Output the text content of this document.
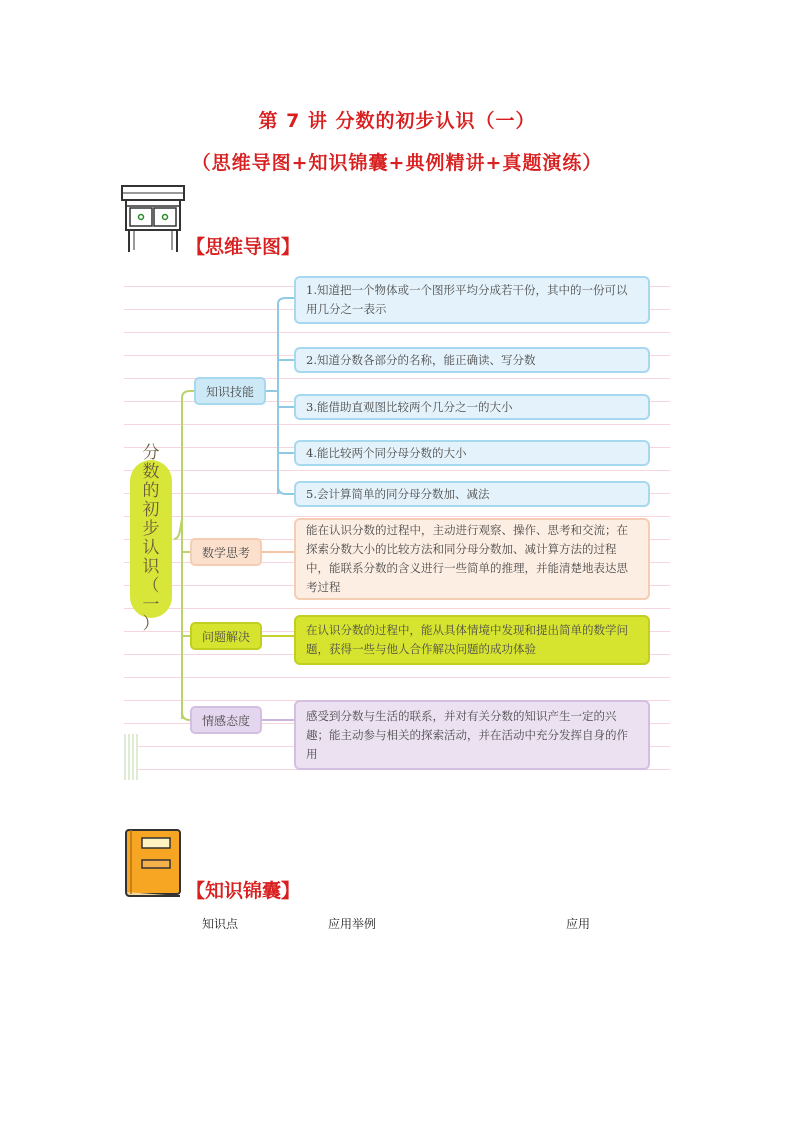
第 7 讲 分数的初步认识（一）
（思维导图+知识锦囊+典例精讲+真题演练）
【思维导图】
分
数
的
初
步
认
识
（
一
）
知识技能
数学思考
问题解决
情感态度
1.知道把一个物体或一个图形平均分成若干份，其中的一份可以用几分之一表示
2.知道分数各部分的名称，能正确读、写分数
3.能借助直观图比较两个几分之一的大小
4.能比较两个同分母分数的大小
5.会计算简单的同分母分数加、减法
能在认识分数的过程中，主动进行观察、操作、思考和交流；在探索分数大小的比较方法和同分母分数加、减计算方法的过程中，能联系分数的含义进行一些简单的推理，并能清楚地表达思考过程
在认识分数的过程中，能从具体情境中发现和提出简单的数学问题，获得一些与他人合作解决问题的成功体验
感受到分数与生活的联系，并对有关分数的知识产生一定的兴趣；能主动参与相关的探索活动，并在活动中充分发挥自身的作用
【知识锦囊】
知识点	应用举例	应用
